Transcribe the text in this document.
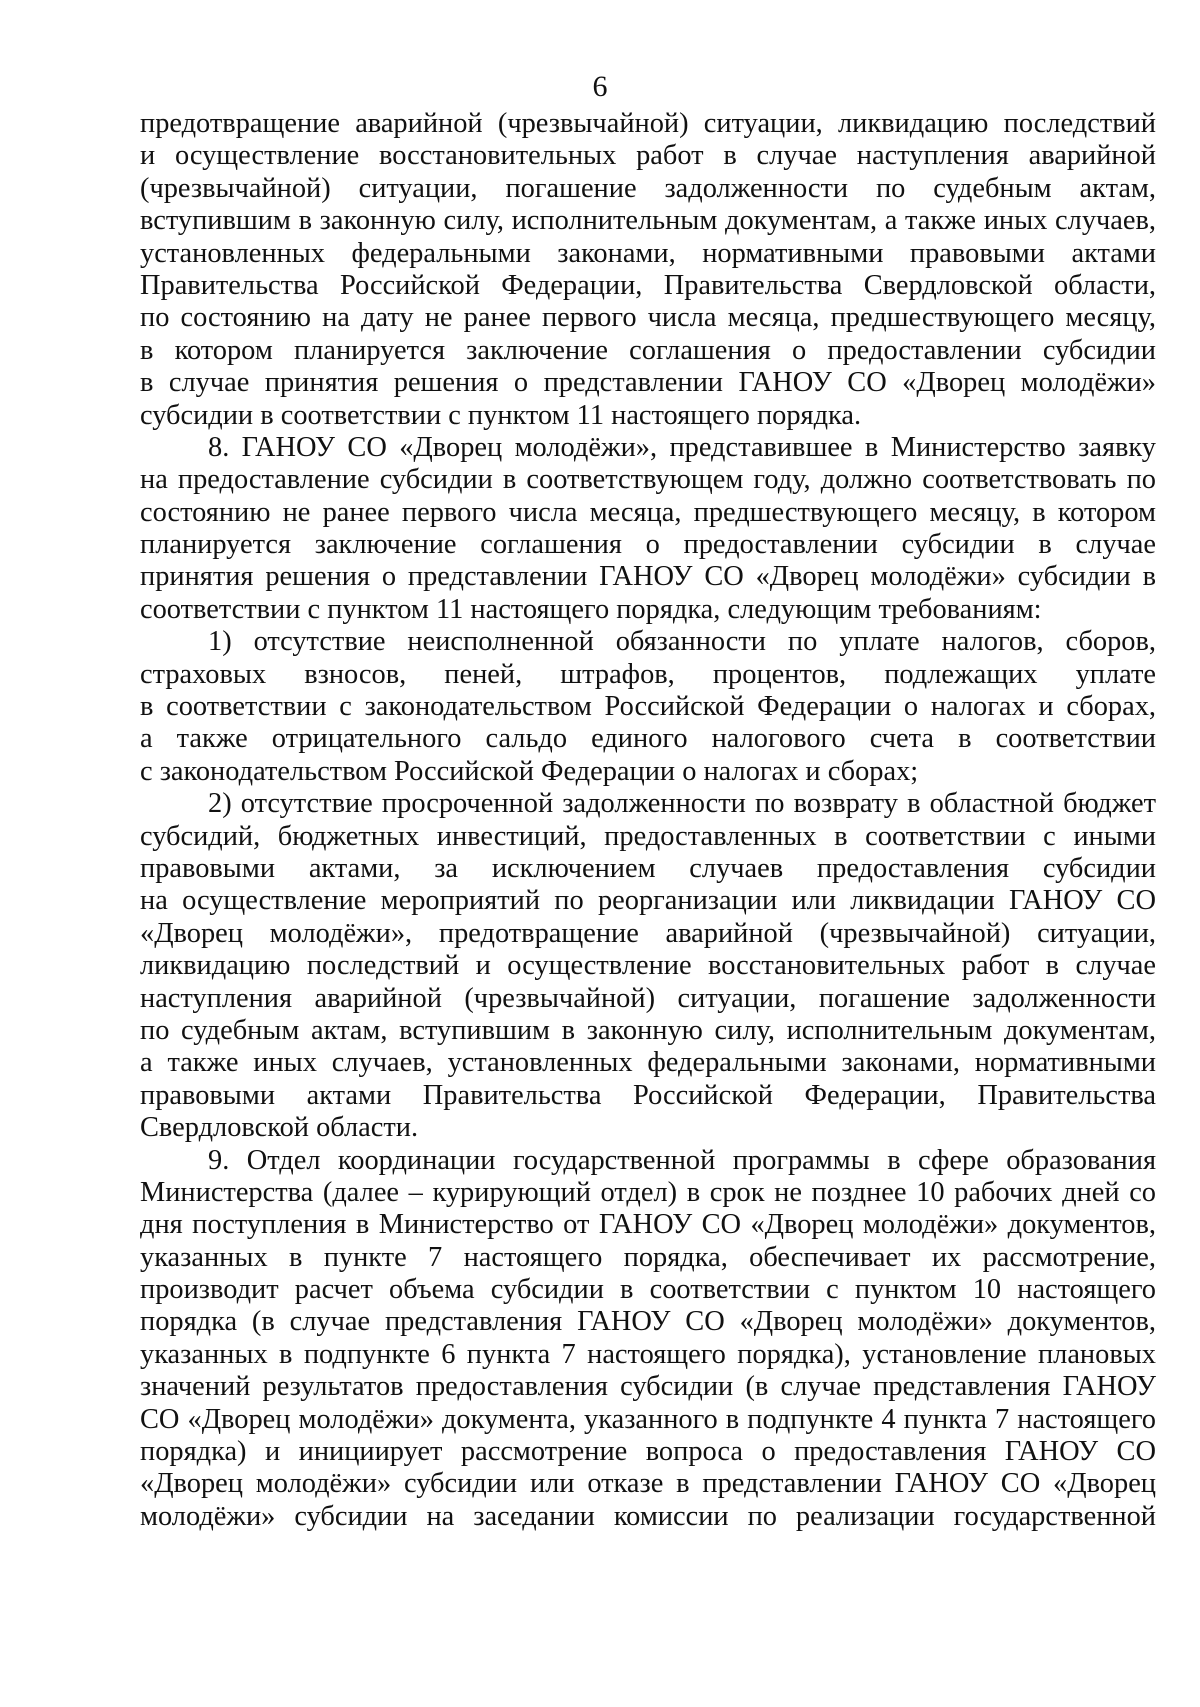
6
предотвращение аварийной (чрезвычайной) ситуации, ликвидацию последствий
и осуществление восстановительных работ в случае наступления аварийной
(чрезвычайной) ситуации, погашение задолженности по судебным актам,
вступившим в законную силу, исполнительным документам, а также иных случаев,
установленных федеральными законами, нормативными правовыми актами
Правительства Российской Федерации, Правительства Свердловской области,
по состоянию на дату не ранее первого числа месяца, предшествующего месяцу,
в котором планируется заключение соглашения о предоставлении субсидии
в случае принятия решения о представлении ГАНОУ СО «Дворец молодёжи»
субсидии в соответствии с пунктом 11 настоящего порядка.
8. ГАНОУ СО «Дворец молодёжи», представившее в Министерство заявку
на предоставление субсидии в соответствующем году, должно соответствовать по
состоянию не ранее первого числа месяца, предшествующего месяцу, в котором
планируется заключение соглашения о предоставлении субсидии в случае
принятия решения о представлении ГАНОУ СО «Дворец молодёжи» субсидии в
соответствии с пунктом 11 настоящего порядка, следующим требованиям:
1) отсутствие неисполненной обязанности по уплате налогов, сборов,
страховых взносов, пеней, штрафов, процентов, подлежащих уплате
в соответствии с законодательством Российской Федерации о налогах и сборах,
а также отрицательного сальдо единого налогового счета в соответствии
с законодательством Российской Федерации о налогах и сборах;
2) отсутствие просроченной задолженности по возврату в областной бюджет
субсидий, бюджетных инвестиций, предоставленных в соответствии с иными
правовыми актами, за исключением случаев предоставления субсидии
на осуществление мероприятий по реорганизации или ликвидации ГАНОУ СО
«Дворец молодёжи», предотвращение аварийной (чрезвычайной) ситуации,
ликвидацию последствий и осуществление восстановительных работ в случае
наступления аварийной (чрезвычайной) ситуации, погашение задолженности
по судебным актам, вступившим в законную силу, исполнительным документам,
а также иных случаев, установленных федеральными законами, нормативными
правовыми актами Правительства Российской Федерации, Правительства
Свердловской области.
9. Отдел координации государственной программы в сфере образования
Министерства (далее – курирующий отдел) в срок не позднее 10 рабочих дней со
дня поступления в Министерство от ГАНОУ СО «Дворец молодёжи» документов,
указанных в пункте 7 настоящего порядка, обеспечивает их рассмотрение,
производит расчет объема субсидии в соответствии с пунктом 10 настоящего
порядка (в случае представления ГАНОУ СО «Дворец молодёжи» документов,
указанных в подпункте 6 пункта 7 настоящего порядка), установление плановых
значений результатов предоставления субсидии (в случае представления ГАНОУ
СО «Дворец молодёжи» документа, указанного в подпункте 4 пункта 7 настоящего
порядка) и инициирует рассмотрение вопроса о предоставления ГАНОУ СО
«Дворец молодёжи» субсидии или отказе в представлении ГАНОУ СО «Дворец
молодёжи» субсидии на заседании комиссии по реализации государственной
